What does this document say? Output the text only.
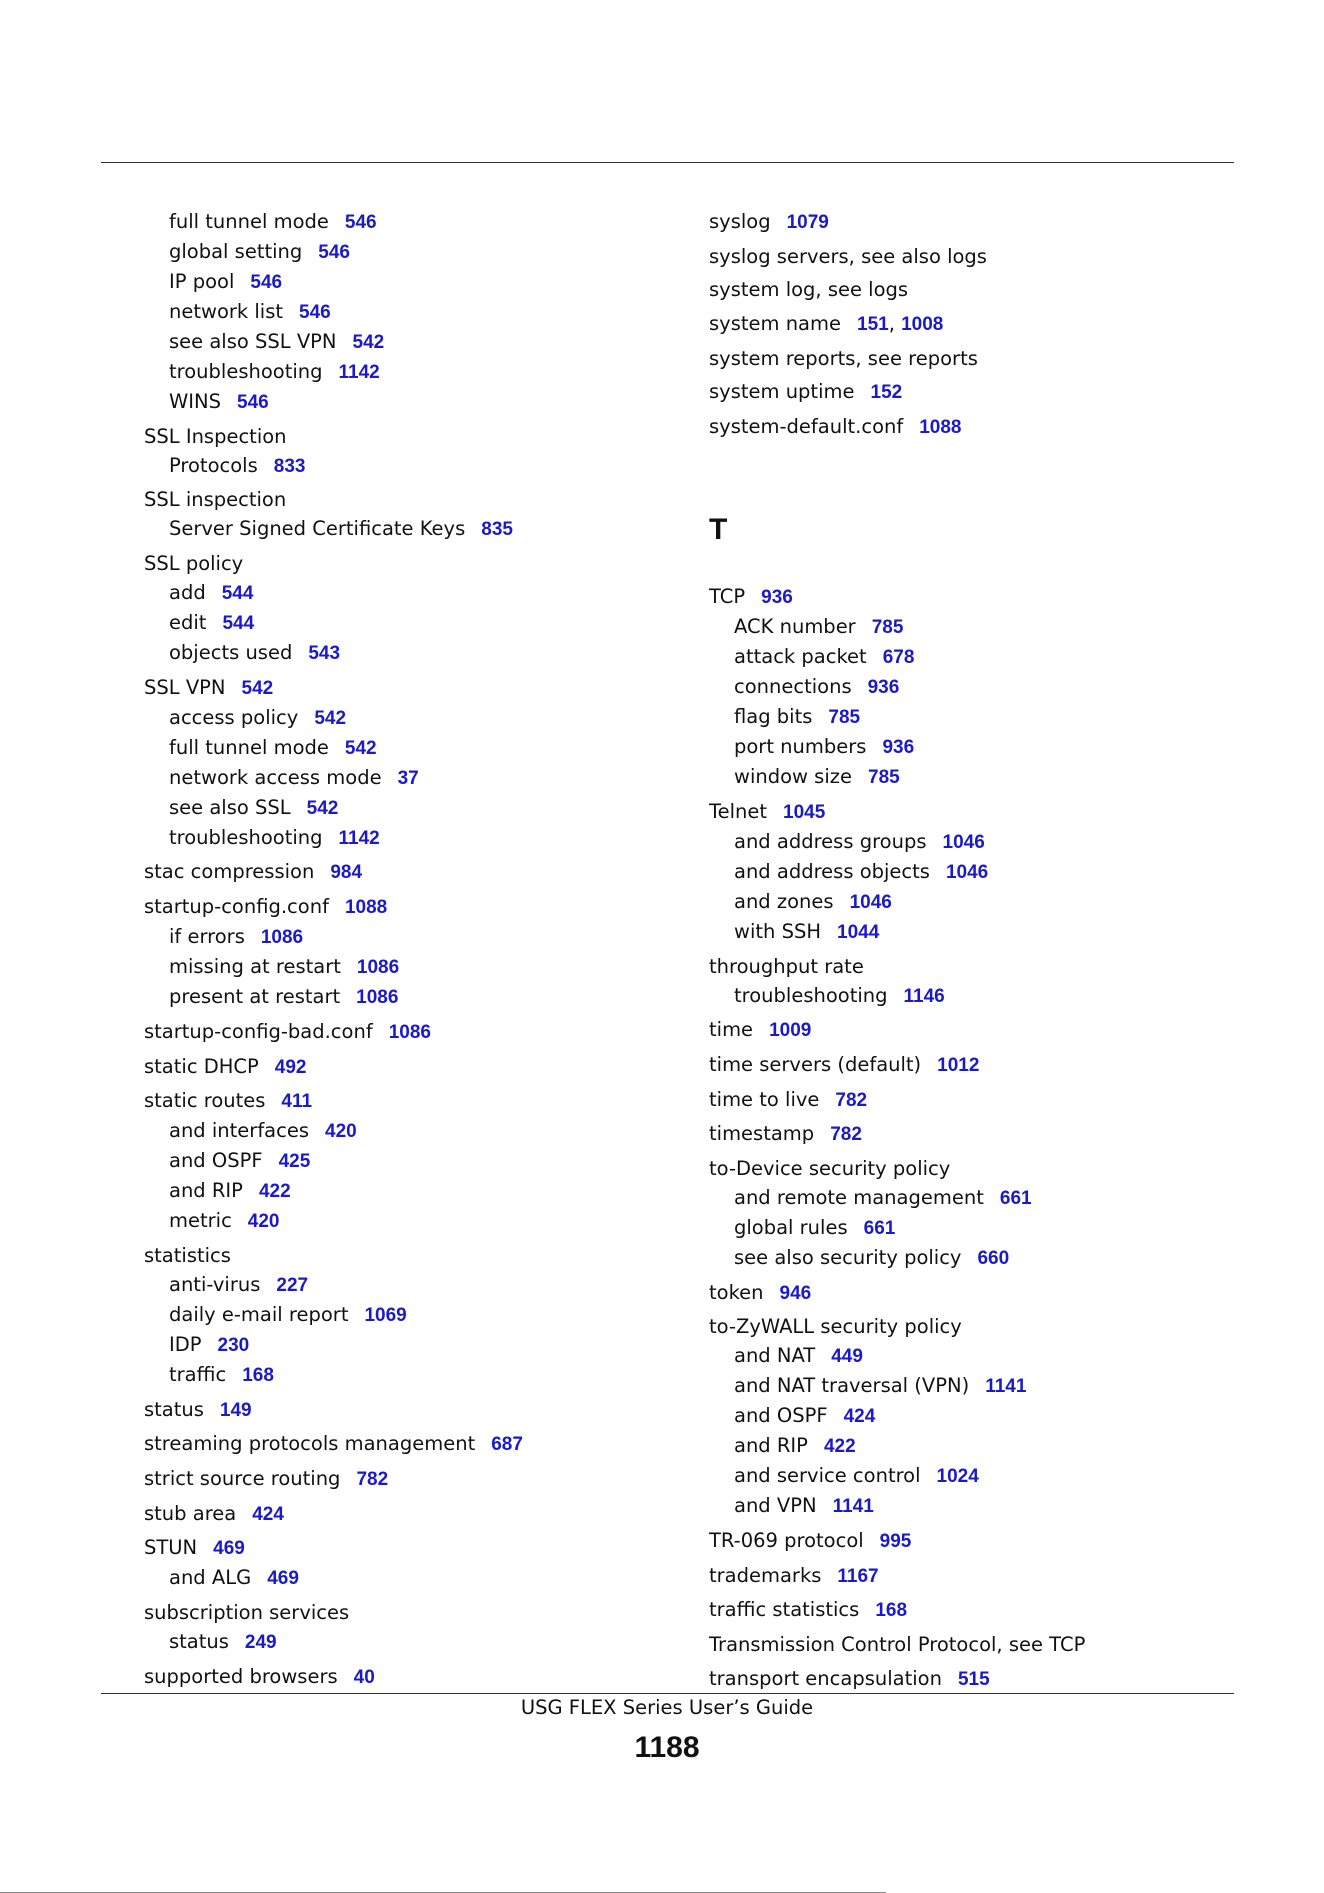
full tunnel mode 546
global setting 546
IP pool 546
network list 546
see also SSL VPN 542
troubleshooting 1142
WINS 546
SSL Inspection
Protocols 833
SSL inspection
Server Signed Certificate Keys 835
SSL policy
add 544
edit 544
objects used 543
SSL VPN 542
access policy 542
full tunnel mode 542
network access mode 37
see also SSL 542
troubleshooting 1142
stac compression 984
startup-config.conf 1088
if errors 1086
missing at restart 1086
present at restart 1086
startup-config-bad.conf 1086
static DHCP 492
static routes 411
and interfaces 420
and OSPF 425
and RIP 422
metric 420
statistics
anti-virus 227
daily e-mail report 1069
IDP 230
traffic 168
status 149
streaming protocols management 687
strict source routing 782
stub area 424
STUN 469
and ALG 469
subscription services
status 249
supported browsers 40
syslog 1079
syslog servers, see also logs
system log, see logs
system name 151, 1008
system reports, see reports
system uptime 152
system-default.conf 1088
T
TCP 936
ACK number 785
attack packet 678
connections 936
flag bits 785
port numbers 936
window size 785
Telnet 1045
and address groups 1046
and address objects 1046
and zones 1046
with SSH 1044
throughput rate
troubleshooting 1146
time 1009
time servers (default) 1012
time to live 782
timestamp 782
to-Device security policy
and remote management 661
global rules 661
see also security policy 660
token 946
to-ZyWALL security policy
and NAT 449
and NAT traversal (VPN) 1141
and OSPF 424
and RIP 422
and service control 1024
and VPN 1141
TR-069 protocol 995
trademarks 1167
traffic statistics 168
Transmission Control Protocol, see TCP
transport encapsulation 515
USG FLEX Series User’s Guide
1188
